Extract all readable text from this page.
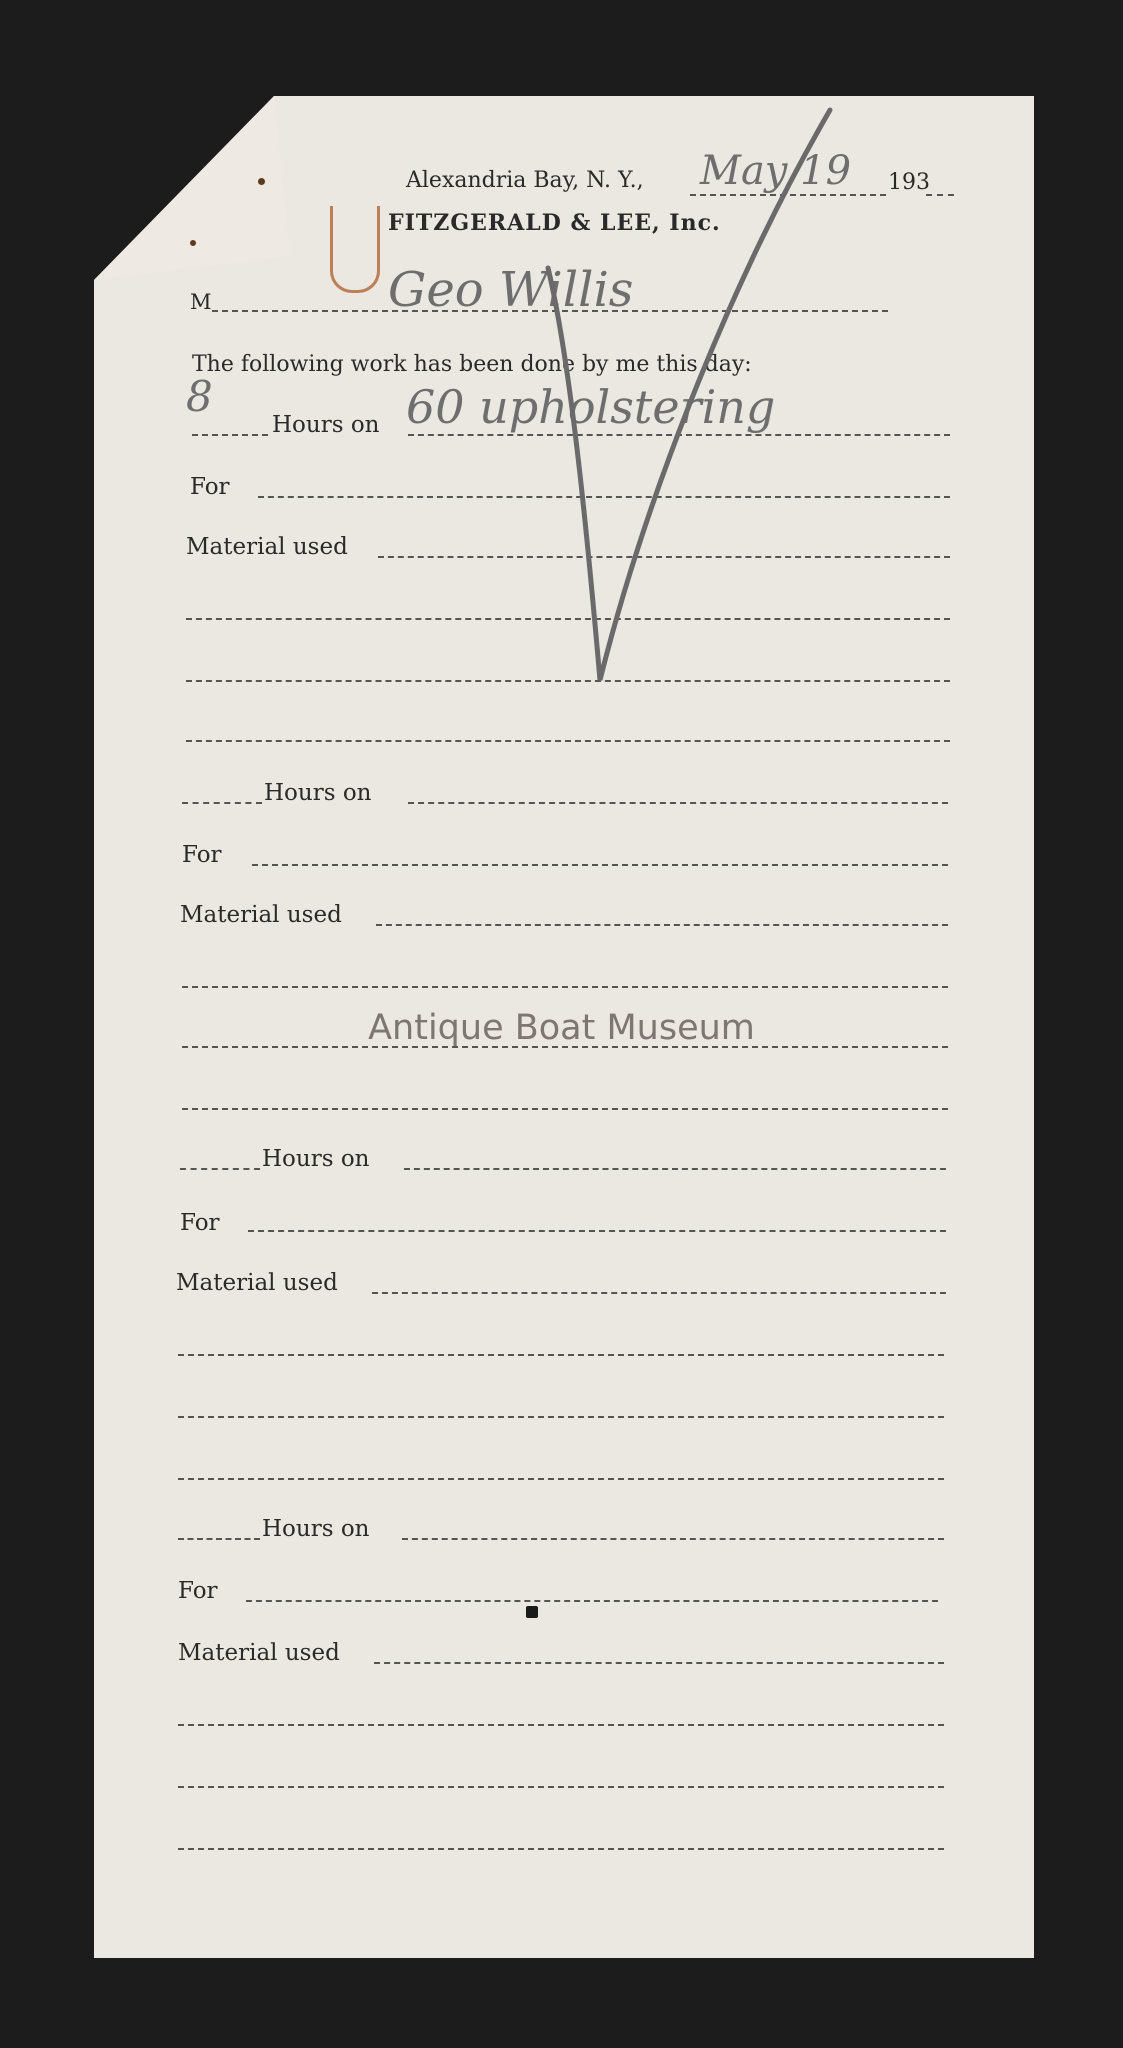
Alexandria Bay, N. Y., May 19 193
FITZGERALD & LEE, Inc.
M	Geo Willis
The following work has been done by me this day:
8
Hours on 60 upholstering
For
Material used
Hours on
For
Material used
Hours on
For
Material used
Hours on
For
Material used
Antique Boat Museum
